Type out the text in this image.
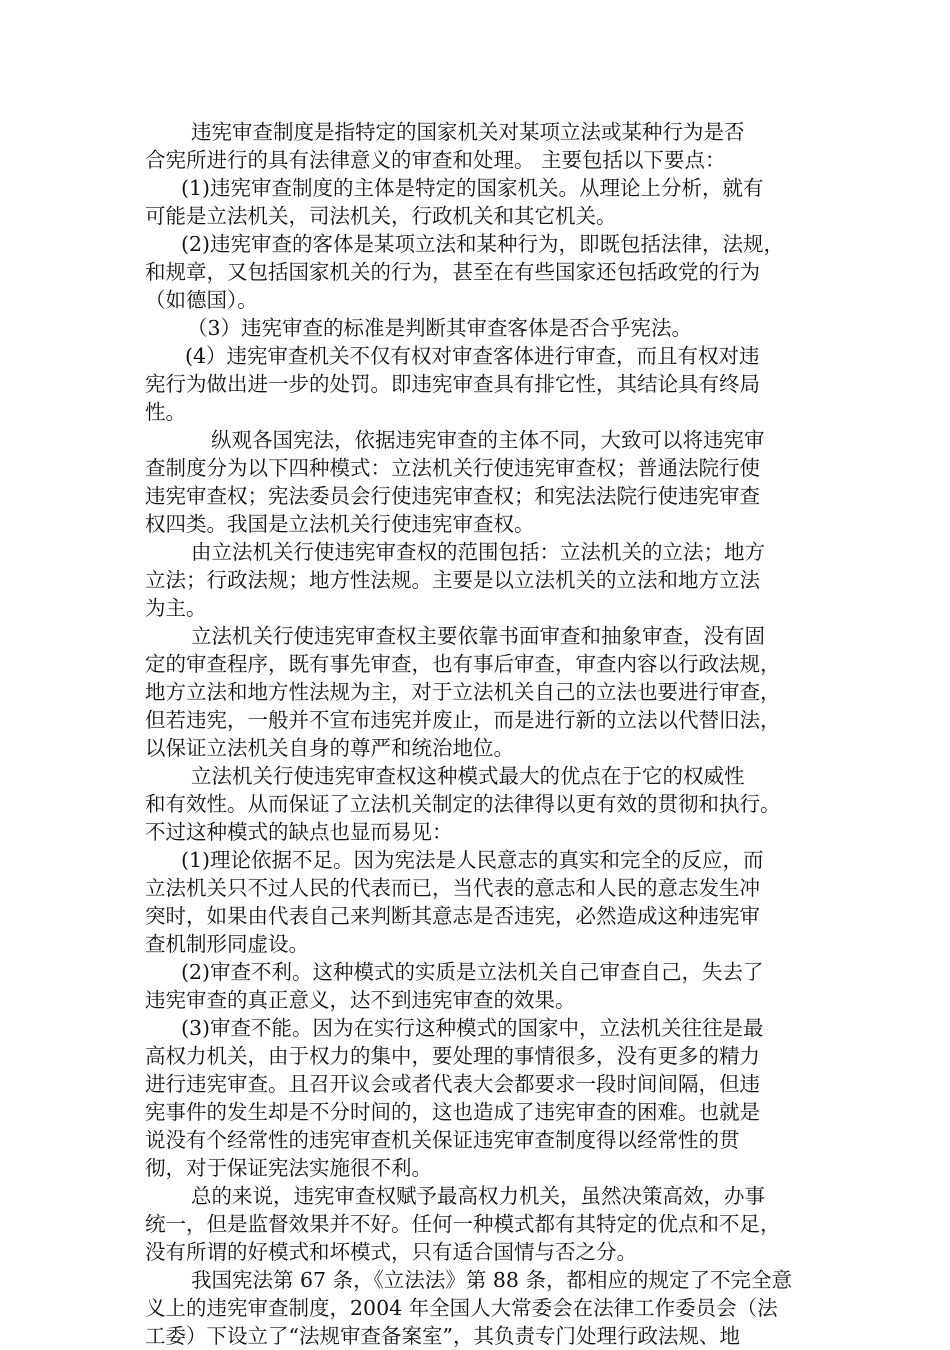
违宪审查制度是指特定的国家机关对某项立法或某种行为是否
合宪所进行的具有法律意义的审查和处理。 主要包括以下要点：
(1)违宪审查制度的主体是特定的国家机关。从理论上分析，就有
可能是立法机关，司法机关，行政机关和其它机关。
(2)违宪审查的客体是某项立法和某种行为，即既包括法律，法规，
和规章，又包括国家机关的行为，甚至在有些国家还包括政党的行为
（如德国）。
（3）违宪审查的标准是判断其审查客体是否合乎宪法。
(4）违宪审查机关不仅有权对审查客体进行审查，而且有权对违
宪行为做出进一步的处罚。即违宪审查具有排它性，其结论具有终局
性。
纵观各国宪法，依据违宪审查的主体不同，大致可以将违宪审
查制度分为以下四种模式：立法机关行使违宪审查权；普通法院行使
违宪审查权；宪法委员会行使违宪审查权；和宪法法院行使违宪审查
权四类。我国是立法机关行使违宪审查权。
由立法机关行使违宪审查权的范围包括：立法机关的立法；地方
立法；行政法规；地方性法规。主要是以立法机关的立法和地方立法
为主。
立法机关行使违宪审查权主要依靠书面审查和抽象审查，没有固
定的审查程序，既有事先审查，也有事后审查，审查内容以行政法规，
地方立法和地方性法规为主，对于立法机关自己的立法也要进行审查，
但若违宪，一般并不宣布违宪并废止，而是进行新的立法以代替旧法，
以保证立法机关自身的尊严和统治地位。
立法机关行使违宪审查权这种模式最大的优点在于它的权威性
和有效性。从而保证了立法机关制定的法律得以更有效的贯彻和执行。
不过这种模式的缺点也显而易见：
(1)理论依据不足。因为宪法是人民意志的真实和完全的反应，而
立法机关只不过人民的代表而已，当代表的意志和人民的意志发生冲
突时，如果由代表自己来判断其意志是否违宪，必然造成这种违宪审
查机制形同虚设。
(2)审查不利。这种模式的实质是立法机关自己审查自己，失去了
违宪审查的真正意义，达不到违宪审查的效果。
(3)审查不能。因为在实行这种模式的国家中，立法机关往往是最
高权力机关，由于权力的集中，要处理的事情很多，没有更多的精力
进行违宪审查。且召开议会或者代表大会都要求一段时间间隔，但违
宪事件的发生却是不分时间的，这也造成了违宪审查的困难。也就是
说没有个经常性的违宪审查机关保证违宪审查制度得以经常性的贯
彻，对于保证宪法实施很不利。
总的来说，违宪审查权赋予最高权力机关，虽然决策高效，办事
统一，但是监督效果并不好。任何一种模式都有其特定的优点和不足，
没有所谓的好模式和坏模式，只有适合国情与否之分。
我国宪法第 67 条，《立法法》第 88 条，都相应的规定了不完全意
义上的违宪审查制度，2004 年全国人大常委会在法律工作委员会（法
工委）下设立了“法规审查备案室”，其负责专门处理行政法规、地
